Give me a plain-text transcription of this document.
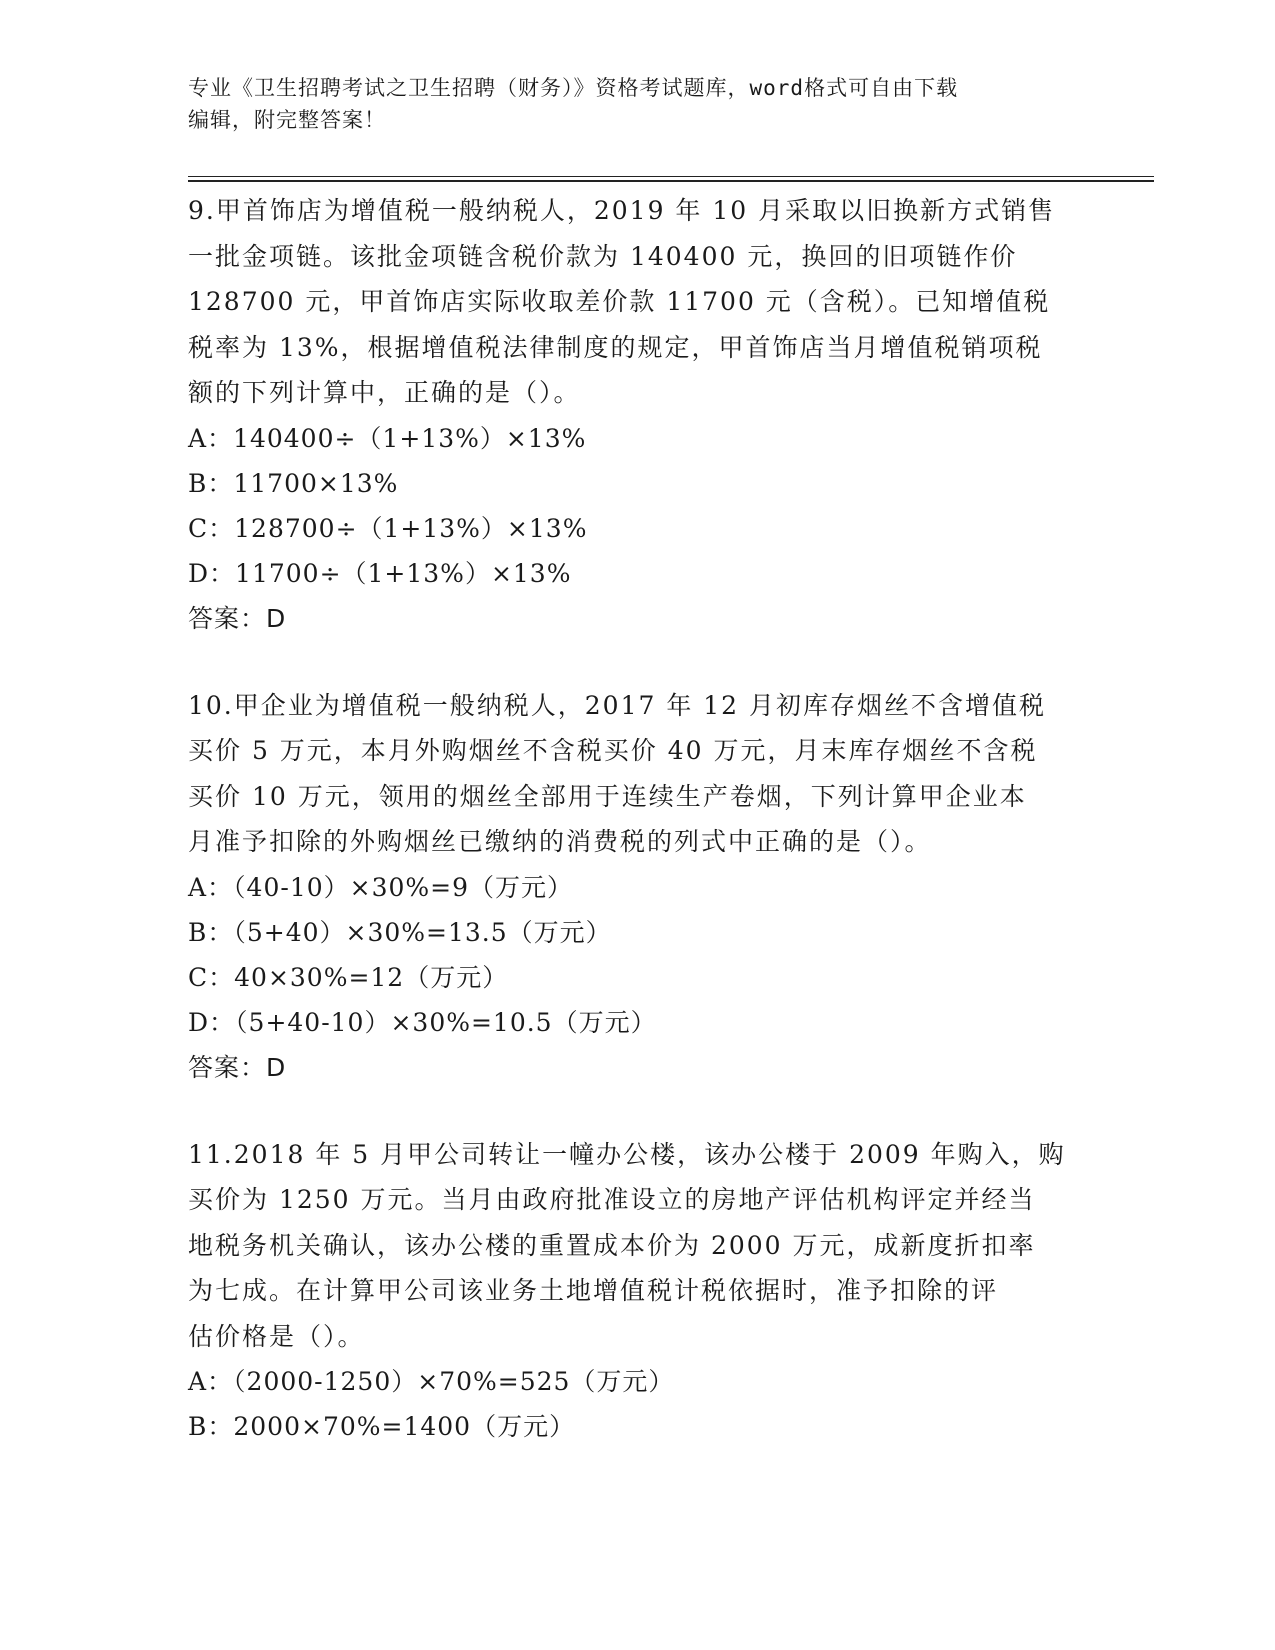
专业《卫生招聘考试之卫生招聘（财务）》资格考试题库，word格式可自由下载

编辑，附完整答案！

9.甲首饰店为增值税一般纳税人，2019 年 10 月采取以旧换新方式销售
一批金项链。该批金项链含税价款为 140400 元，换回的旧项链作价
128700 元，甲首饰店实际收取差价款 11700 元（含税）。已知增值税
税率为 13%，根据增值税法律制度的规定，甲首饰店当月增值税销项税
额的下列计算中，正确的是（）。

A：140400÷（1+13%）×13%

B：11700×13%

C：128700÷（1+13%）×13%

D：11700÷（1+13%）×13%

答案：D

10.甲企业为增值税一般纳税人，2017 年 12 月初库存烟丝不含增值税
买价 5 万元，本月外购烟丝不含税买价 40 万元，月末库存烟丝不含税
买价 10 万元，领用的烟丝全部用于连续生产卷烟，下列计算甲企业本
月准予扣除的外购烟丝已缴纳的消费税的列式中正确的是（）。

A：（40-10）×30%=9（万元）

B：（5+40）×30%=13.5（万元）

C：40×30%=12（万元）

D：（5+40-10）×30%=10.5（万元）

答案：D

11.2018 年 5 月甲公司转让一幢办公楼，该办公楼于 2009 年购入，购
买价为 1250 万元。当月由政府批准设立的房地产评估机构评定并经当
地税务机关确认，该办公楼的重置成本价为 2000 万元，成新度折扣率
为七成。在计算甲公司该业务土地增值税计税依据时，准予扣除的评
估价格是（）。

A：（2000-1250）×70%=525（万元）

B：2000×70%=1400（万元）
